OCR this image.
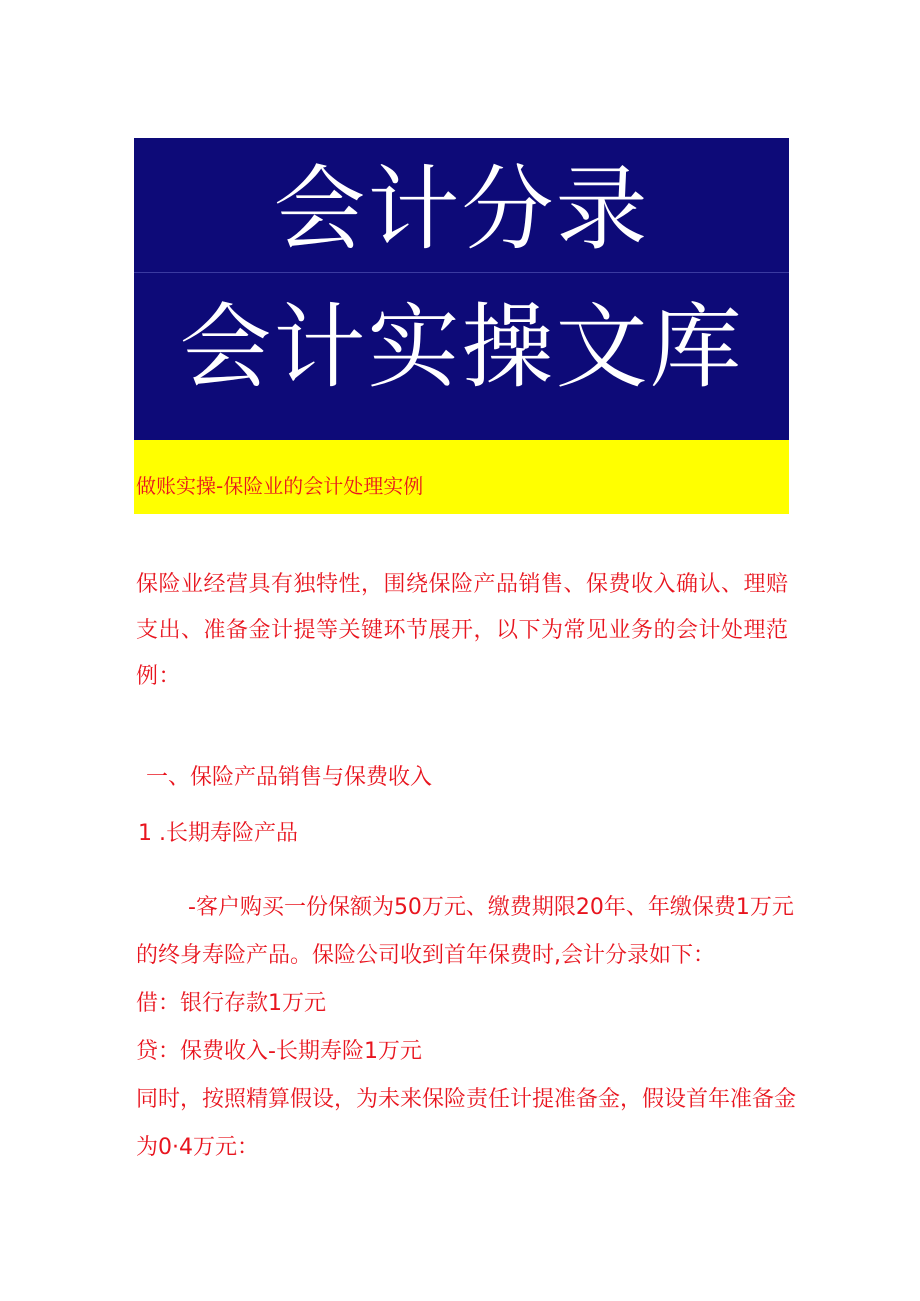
会计分录
会计实操文库
做账实操-保险业的会计处理实例

保险业经营具有独特性，围绕保险产品销售、保费收入确认、理赔支出、准备金计提等关键环节展开，以下为常见业务的会计处理范例：

一、保险产品销售与保费收入
1 .长期寿险产品

-客户购买一份保额为50万元、缴费期限20年、年缴保费1万元的终身寿险产品。保险公司收到首年保费时,会计分录如下：

借：银行存款1万元

贷：保费收入-长期寿险1万元

同时，按照精算假设，为未来保险责任计提准备金，假设首年准备金为0·4万元：
